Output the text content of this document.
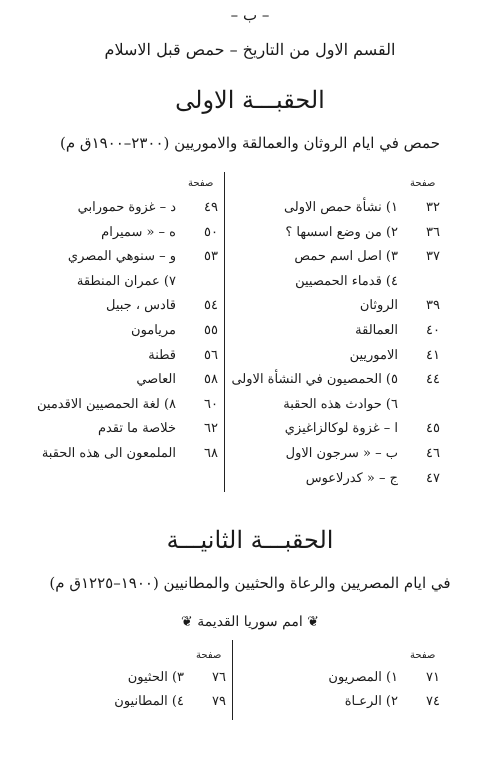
– ب –
القسم الاول من التاريخ – حمص قبل الاسلام
الحقبـــة الاولى
حمص في ايام الروثان والعمالقة والاموريين (٢٣٠٠–١٩٠٠ق م)
صفحة
صفحة
٣٢
١) نشأة حمص الاولى
٣٦
٢) من وضع اسسها ؟
٣٧
٣) اصل اسم حمص
٤) قدماء الحمصيين
٣٩
الروثان
٤٠
العمالقة
٤١
الاموريين
٤٤
٥) الحمصيون في النشأة الاولى
٦) حوادث هذه الحقبة
٤٥
ا – غزوة لوكالزاغيزي
٤٦
ب – « سرجون الاول
٤٧
ج – « كدرلاعوس
٤٩
د – غزوة حمورابي
٥٠
ه – « سميرام
٥٣
و – سنوهي المصري
٧) عمران المنطقة
٥٤
قادس ، جبيل
٥٥
مريامون
٥٦
قطنة
٥٨
العاصي
٦٠
٨) لغة الحمصيين الاقدمين
٦٢
خلاصة ما تقدم
٦٨
الملمعون الى هذه الحقبة
الحقبـــة الثانيـــة
في ايام المصريين والرعاة والحثيين والمطانيين (١٩٠٠–١٢٢٥ق م)
❦ امم سوريا القديمة ❦
صفحة
صفحة
٧١
١) المصريون
٧٤
٢) الرعـاة
٧٦
٣) الحثيون
٧٩
٤) المطانيون
